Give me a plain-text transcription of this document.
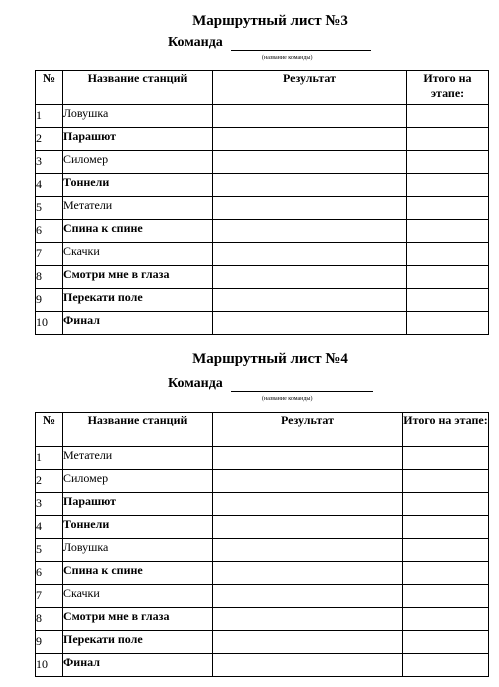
Маршрутный лист №3
Команда
(название команды)
№	Название станций	Результат	Итого на этапе:
1	Ловушка		
2	Парашют		
3	Силомер		
4	Тоннели		
5	Метатели		
6	Спина к спине		
7	Скачки		
8	Смотри мне в глаза		
9	Перекати поле		
10	Финал		
Маршрутный лист №4
Команда
(название команды)
№	Название станций	Результат	Итого на этапе:
1	Метатели		
2	Силомер		
3	Парашют		
4	Тоннели		
5	Ловушка		
6	Спина к спине		
7	Скачки		
8	Смотри мне в глаза		
9	Перекати поле		
10	Финал		
